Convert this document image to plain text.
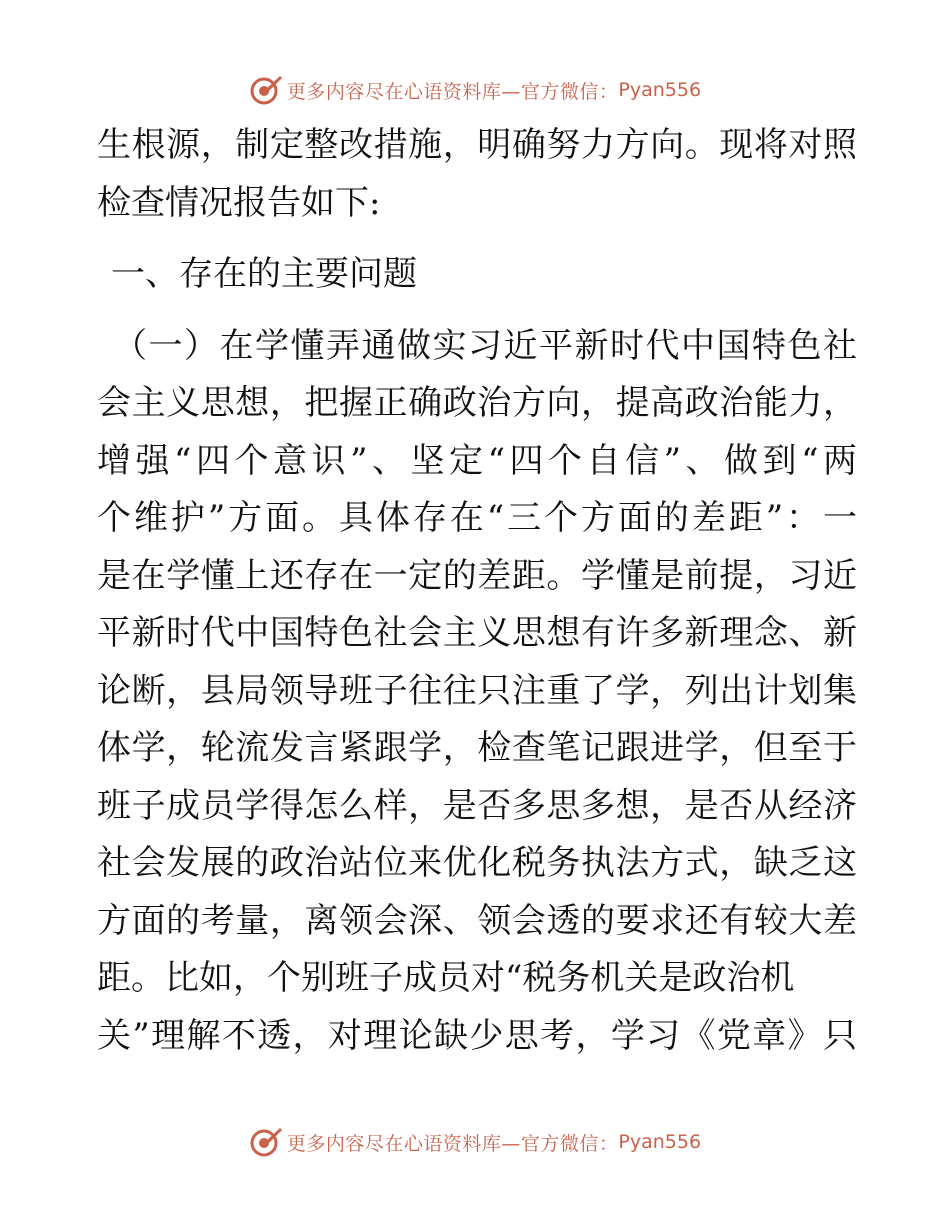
更多内容尽在心语资料库—官方微信： Pyan556
生根源，制定整改措施，明确努力方向。现将对照
检查情况报告如下:
一、存在的主要问题
（一）在学懂弄通做实习近平新时代中国特色社
会主义思想，把握正确政治方向，提高政治能力，
增强“四个意识”、坚定“四个自信”、做到“两
个维护”方面。具体存在“三个方面的差距”：一
是在学懂上还存在一定的差距。学懂是前提，习近
平新时代中国特色社会主义思想有许多新理念、新
论断，县局领导班子往往只注重了学，列出计划集
体学，轮流发言紧跟学，检查笔记跟进学，但至于
班子成员学得怎么样，是否多思多想，是否从经济
社会发展的政治站位来优化税务执法方式，缺乏这
方面的考量，离领会深、领会透的要求还有较大差
距。比如，个别班子成员对“税务机关是政治机
关”理解不透，对理论缺少思考，学习《党章》只
更多内容尽在心语资料库—官方微信： Pyan556
